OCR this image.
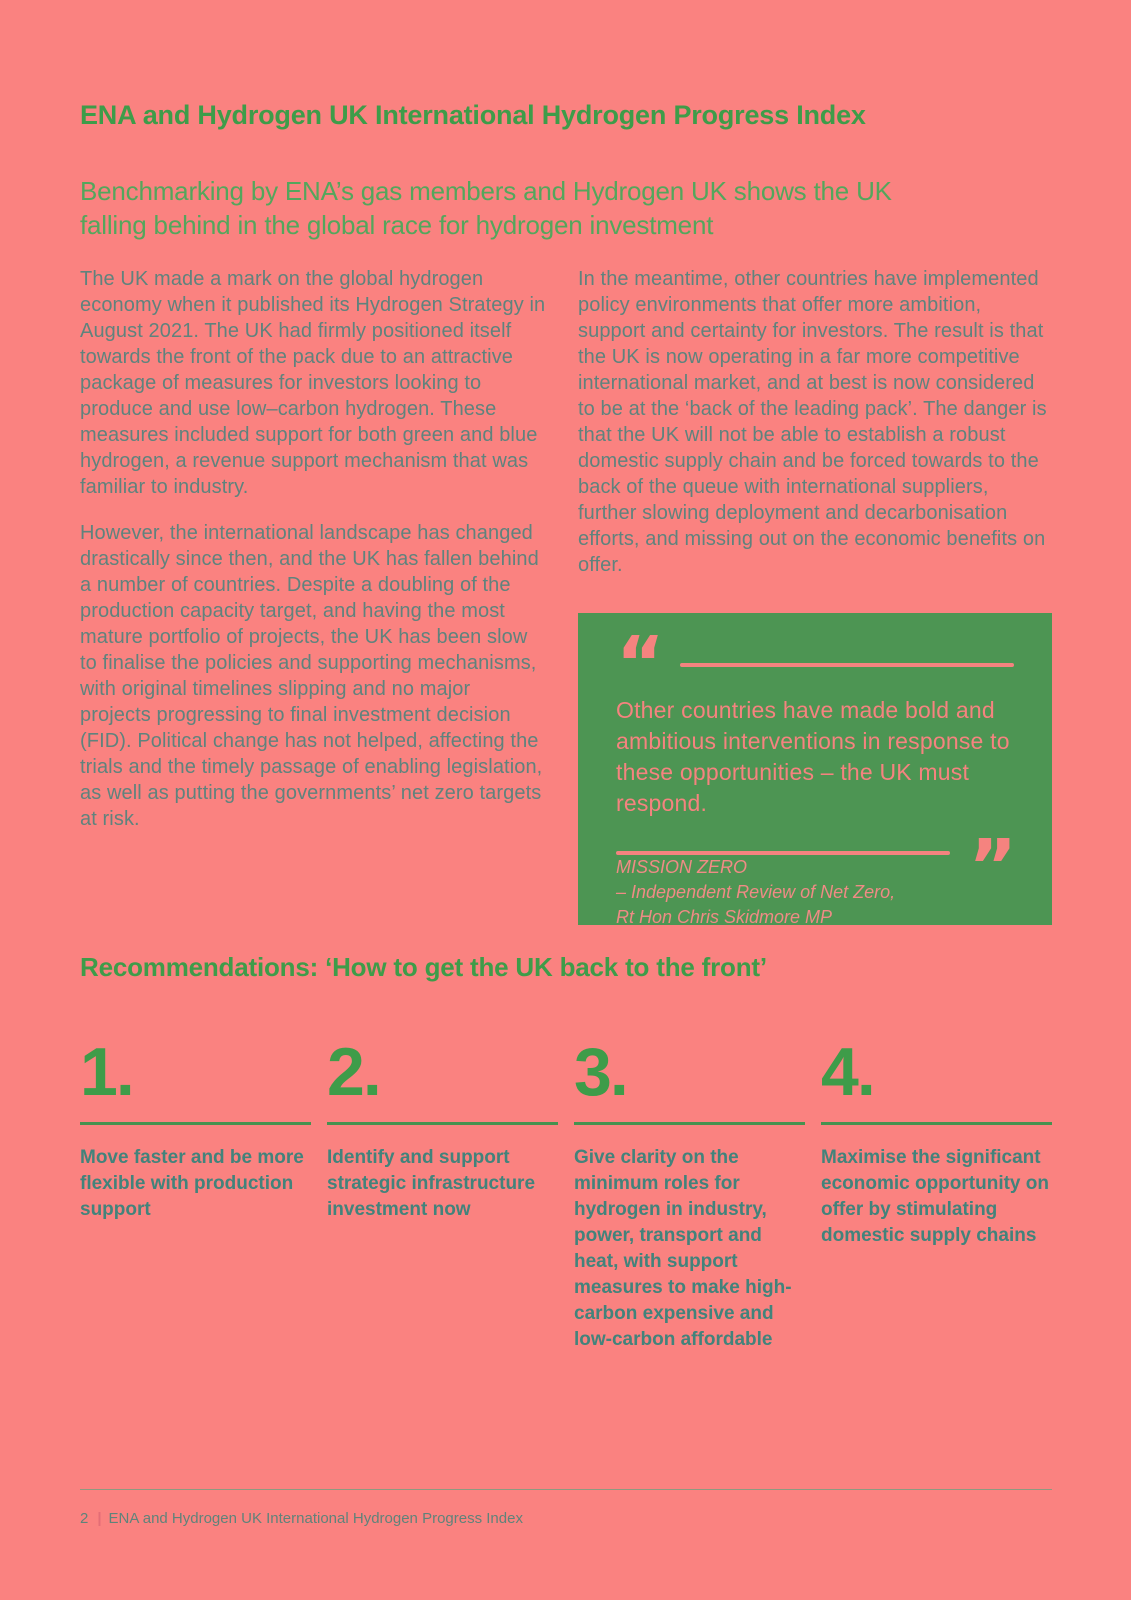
ENA and Hydrogen UK International Hydrogen Progress Index
Benchmarking by ENA’s gas members and Hydrogen UK shows the UK
falling behind in the global race for hydrogen investment

The UK made a mark on the global hydrogen economy when it published its Hydrogen Strategy in August 2021. The UK had firmly positioned itself towards the front of the pack due to an attractive package of measures for investors looking to produce and use low–carbon hydrogen. These measures included support for both green and blue hydrogen, a revenue support mechanism that was familiar to industry.

However, the international landscape has changed drastically since then, and the UK has fallen behind a number of countries. Despite a doubling of the production capacity target, and having the most mature portfolio of projects, the UK has been slow to finalise the policies and supporting mechanisms, with original timelines slipping and no major projects progressing to final investment decision (FID). Political change has not helped, affecting the trials and the timely passage of enabling legislation, as well as putting the governments’ net zero targets at risk.

In the meantime, other countries have implemented policy environments that offer more ambition, support and certainty for investors. The result is that the UK is now operating in a far more competitive international market, and at best is now considered to be at the ‘back of the leading pack’. The danger is that the UK will not be able to establish a robust domestic supply chain and be forced towards to the back of the queue with international suppliers, further slowing deployment and decarbonisation efforts, and missing out on the economic benefits on offer.

“

Other countries have made bold and ambitious interventions in response to these opportunities – the UK must respond.

”
MISSION ZERO
– Independent Review of Net Zero,
Rt Hon Chris Skidmore MP
Recommendations: ‘How to get the UK back to the front’
1.
Move faster and be more flexible with production support
2.
Identify and support strategic infrastructure investment now
3.
Give clarity on the minimum roles for hydrogen in industry, power, transport and heat, with support measures to make high-carbon expensive and low-carbon affordable
4.
Maximise the significant economic opportunity on offer by stimulating domestic supply chains
2 | ENA and Hydrogen UK International Hydrogen Progress Index
